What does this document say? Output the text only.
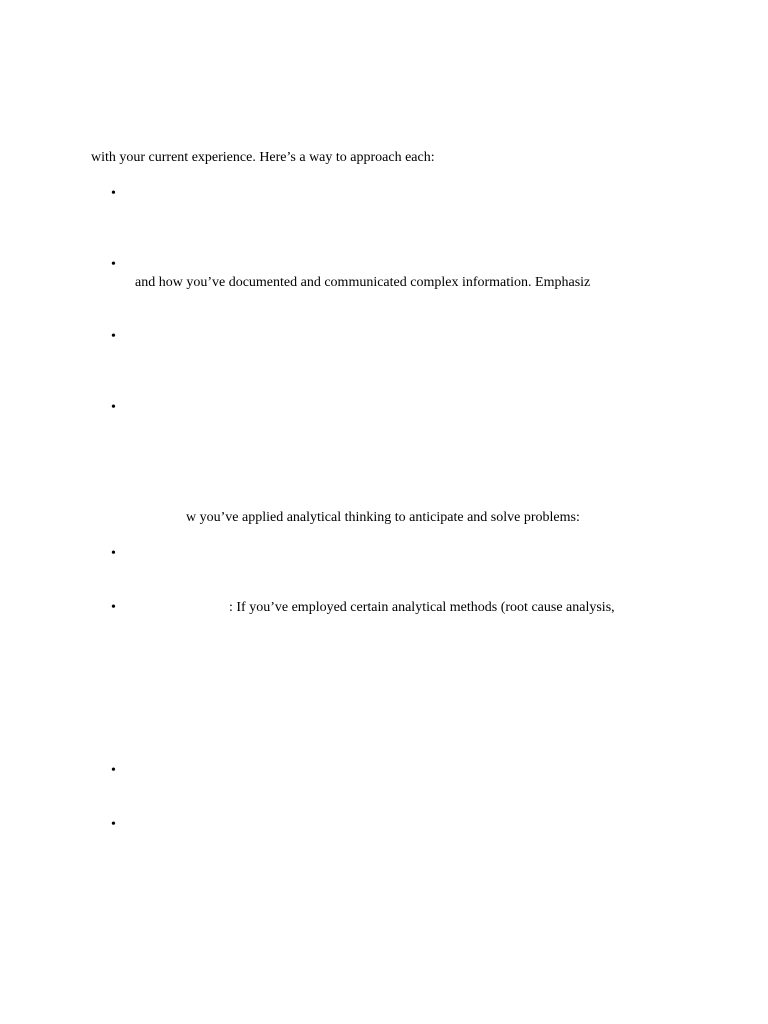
with your current experience. Here’s a way to approach each:
•
•
and how you’ve documented and communicated complex information. Emphasiz
•
•
w you’ve applied analytical thinking to anticipate and solve problems:
•
•	: If you’ve employed certain analytical methods (root cause analysis,
•
•
